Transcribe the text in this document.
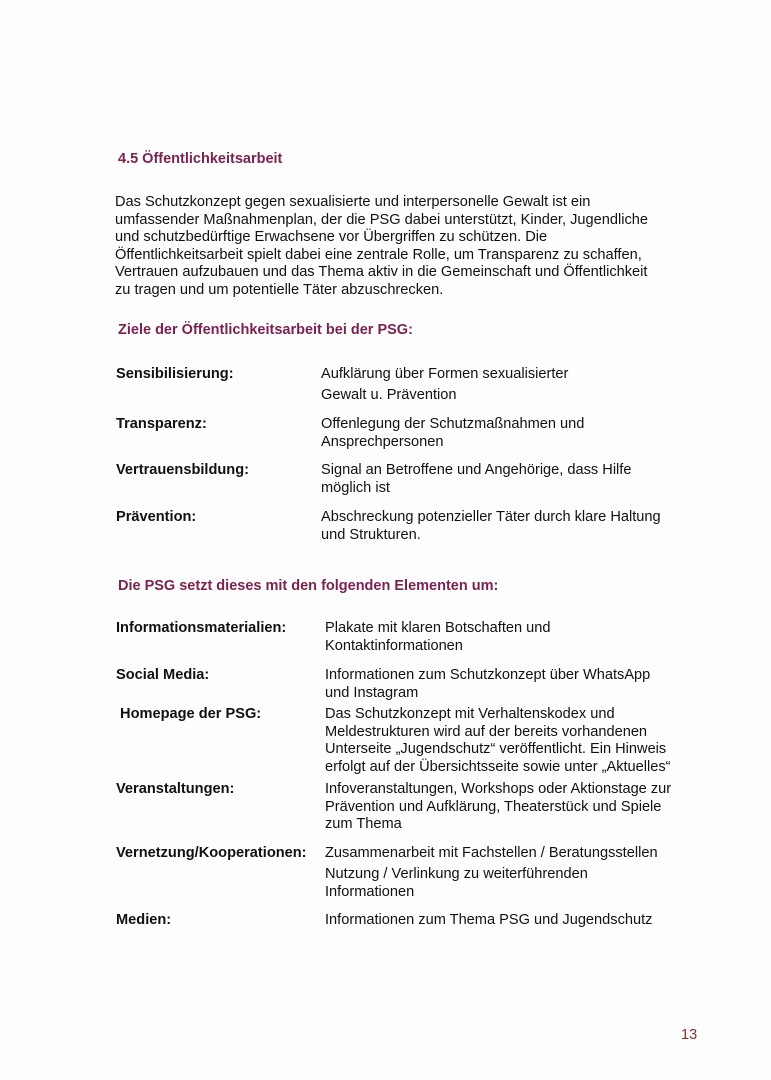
4.5 Öffentlichkeitsarbeit
Das Schutzkonzept gegen sexualisierte und interpersonelle Gewalt ist ein
umfassender Maßnahmenplan, der die PSG dabei unterstützt, Kinder, Jugendliche
und schutzbedürftige Erwachsene vor Übergriffen zu schützen. Die
Öffentlichkeitsarbeit spielt dabei eine zentrale Rolle, um Transparenz zu schaffen,
Vertrauen aufzubauen und das Thema aktiv in die Gemeinschaft und Öffentlichkeit
zu tragen und um potentielle Täter abzuschrecken.
Ziele der Öffentlichkeitsarbeit bei der PSG:
Sensibilisierung:	Aufklärung über Formen sexualisierter
Gewalt u. Prävention
Transparenz:	Offenlegung der Schutzmaßnahmen und
Ansprechpersonen
Vertrauensbildung:	Signal an Betroffene und Angehörige, dass Hilfe
möglich ist
Prävention:	Abschreckung potenzieller Täter durch klare Haltung
und Strukturen.
Die PSG setzt dieses mit den folgenden Elementen um:
Informationsmaterialien:	Plakate mit klaren Botschaften und
Kontaktinformationen
Social Media:	Informationen zum Schutzkonzept über WhatsApp
und Instagram
Homepage der PSG:	Das Schutzkonzept mit Verhaltenskodex und
Meldestrukturen wird auf der bereits vorhandenen
Unterseite „Jugendschutz“ veröffentlicht. Ein Hinweis
erfolgt auf der Übersichtsseite sowie unter „Aktuelles“
Veranstaltungen:	Infoveranstaltungen, Workshops oder Aktionstage zur
Prävention und Aufklärung, Theaterstück und Spiele
zum Thema
Vernetzung/Kooperationen: Zusammenarbeit mit Fachstellen / Beratungsstellen
Nutzung / Verlinkung zu weiterführenden
Informationen
Medien:	Informationen zum Thema PSG und Jugendschutz
13
